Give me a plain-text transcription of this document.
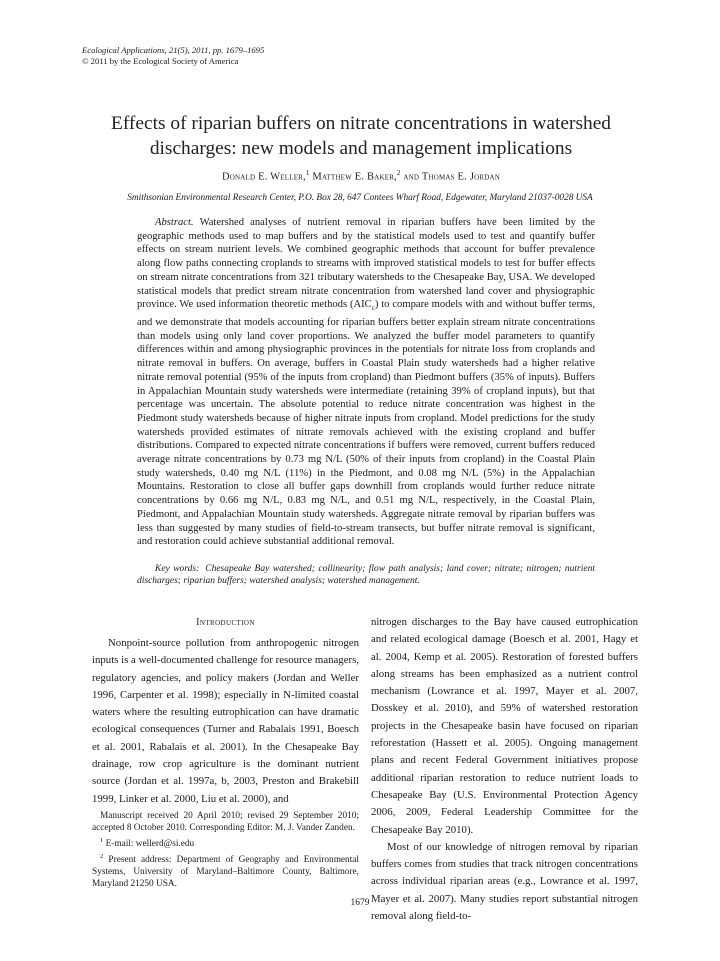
Ecological Applications, 21(5), 2011, pp. 1679–1695
© 2011 by the Ecological Society of America
Effects of riparian buffers on nitrate concentrations in watershed
discharges: new models and management implications
Donald E. Weller,$^1$ Matthew E. Baker,$^2$ and Thomas E. Jordan
Smithsonian Environmental Research Center, P.O. Box 28, 647 Contees Wharf Road, Edgewater, Maryland 21037-0028 USA
Abstract. Watershed analyses of nutrient removal in riparian buffers have been limited by the geographic methods used to map buffers and by the statistical models used to test and quantify buffer effects on stream nutrient levels. We combined geographic methods that account for buffer prevalence along flow paths connecting croplands to streams with improved statistical models to test for buffer effects on stream nitrate concentrations from 321 tributary watersheds to the Chesapeake Bay, USA. We developed statistical models that predict stream nitrate concentration from watershed land cover and physiographic province. We used information theoretic methods $(AIC_c)$ to compare models with and without buffer terms, and we demonstrate that models accounting for riparian buffers better explain stream nitrate concentrations than models using only land cover proportions. We analyzed the buffer model parameters to quantify differences within and among physiographic provinces in the potentials for nitrate loss from croplands and nitrate removal in buffers. On average, buffers in Coastal Plain study watersheds had a higher relative nitrate removal potential (95% of the inputs from cropland) than Piedmont buffers (35% of inputs). Buffers in Appalachian Mountain study watersheds were intermediate (retaining 39% of cropland inputs), but that percentage was uncertain. The absolute potential to reduce nitrate concentration was highest in the Piedmont study watersheds because of higher nitrate inputs from cropland. Model predictions for the study watersheds provided estimates of nitrate removals achieved with the existing cropland and buffer distributions. Compared to expected nitrate concentrations if buffers were removed, current buffers reduced average nitrate concentrations by 0.73 mg N/L (50% of their inputs from cropland) in the Coastal Plain study watersheds, 0.40 mg N/L (11%) in the Piedmont, and 0.08 mg N/L (5%) in the Appalachian Mountains. Restoration to close all buffer gaps downhill from croplands would further reduce nitrate concentrations by 0.66 mg N/L, 0.83 mg N/L, and 0.51 mg N/L, respectively, in the Coastal Plain, Piedmont, and Appalachian Mountain study watersheds. Aggregate nitrate removal by riparian buffers was less than suggested by many studies of field-to-stream transects, but buffer nitrate removal is significant, and restoration could achieve substantial additional removal.
Key words: Chesapeake Bay watershed; collinearity; flow path analysis; land cover; nitrate; nitrogen; nutrient discharges; riparian buffers; watershed analysis; watershed management.
Introduction

Nonpoint-source pollution from anthropogenic nitrogen inputs is a well-documented challenge for resource managers, regulatory agencies, and policy makers (Jordan and Weller 1996, Carpenter et al. 1998); especially in N-limited coastal waters where the resulting eutrophication can have dramatic ecological consequences (Turner and Rabalais 1991, Boesch et al. 2001, Rabalais et al. 2001). In the Chesapeake Bay drainage, row crop agriculture is the dominant nutrient source (Jordan et al. 1997a, b, 2003, Preston and Brakebill 1999, Linker et al. 2000, Liu et al. 2000), and

nitrogen discharges to the Bay have caused eutrophication and related ecological damage (Boesch et al. 2001, Hagy et al. 2004, Kemp et al. 2005). Restoration of forested buffers along streams has been emphasized as a nutrient control mechanism (Lowrance et al. 1997, Mayer et al. 2007, Dosskey et al. 2010), and 59% of watershed restoration projects in the Chesapeake basin have focused on riparian reforestation (Hassett et al. 2005). Ongoing management plans and recent Federal Government initiatives propose additional riparian restoration to reduce nutrient loads to Chesapeake Bay (U.S. Environmental Protection Agency 2006, 2009, Federal Leadership Committee for the Chesapeake Bay 2010).

Most of our knowledge of nitrogen removal by riparian buffers comes from studies that track nitrogen concentrations across individual riparian areas (e.g., Lowrance et al. 1997, Mayer et al. 2007). Many studies report substantial nitrogen removal along field-to-

Manuscript received 20 April 2010; revised 29 September 2010; accepted 8 October 2010. Corresponding Editor: M. J. Vander Zanden.

$^1$ E-mail: wellerd@si.edu

$^2$ Present address: Department of Geography and Environmental Systems, University of Maryland–Baltimore County, Baltimore, Maryland 21250 USA.

1679
